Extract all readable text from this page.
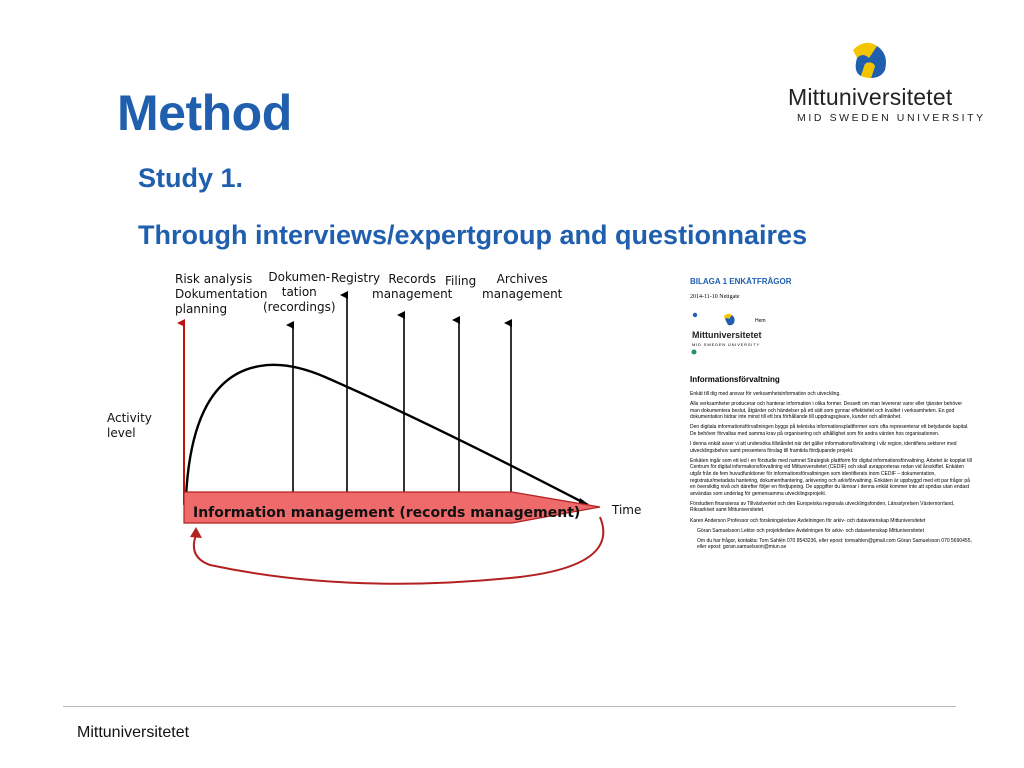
Method
Study 1.
Through interviews/expertgroup and questionnaires
Mittuniversitetet
MID SWEDEN UNIVERSITY
Risk analysis
Dokumentation
planning
Dokumen-
tation
(recordings)
Registry Records
management
Filing	Archives
management
Activity
level
Time
Information management (records management)
BILAGA 1 ENKÄTFRÅGOR
2014-11-10 Netigate
Hem
Mittuniversitetet
MID SWEDEN UNIVERSITY
Informationsförvaltning

Enkät till dig med ansvar för verksamhetsinformation och utveckling.

Alla verksamheter producerar och hanterar information i olika former. Dessett om man levererar varor eller tjänster behöver man dokumentera beslut, åtgärder och händelser på ett sätt som gynnar effektivitet och kvalitet i verksamheten. En god dokumentation bidrar inte minst till ett bra förhållande till uppdragsgivare, kunder och allmänhet.

Den digitala informationsförvaltningen byggs på tekniska informationsplattformer som ofta representerar ett betydande kapital. De behöver förvaltas med samma krav på organisering och uthållighet som för andra värden hos organisationen.

I denna enkät avser vi att undersöka tillståndet när det gäller informationsförvaltning i vår region, identifiera sektorer med utvecklingsbehov samt presentera förslag till framtida fördjupande projekt.

Enkäten ingår som ett led i en förstudie med namnet Strategisk plattform för digital informationsförvaltning. Arbetet är kopplat till Centrum för digital informationsförvaltning vid Mittuniversitetet (CEDIF) och skall avrapporteras redan vid årsskiftet. Enkäten utgår från de fem huvudfunktioner för informationsförvaltningen som identifierats inom CEDIF – dokumentation, registratur/metadata hantering, dokumenthantering, arkivering och arkivförvaltning. Enkäten är uppbyggd med ett par frågor på en översiktlig nivå och därefter följer en fördjupning. De uppgifter du lämnar i denna enkät kommer inte att spridas utan endast användas som underlag för gemensamma utvecklingsprojekt.

Förstudien finansieras av Tillväxtverket och den Europeiska regionala utvecklingsfonden, Länsstyrelsen Västernorrland, Riksarkivet samt Mittuniversitetet.

Karen Anderson Professor och forskningsledare Avdelningen för arkiv- och datavetenskap Mittuniversitetet

Göran Samuelsson Lektor och projektledare Avdelningen för arkiv- och datavetenskap Mittuniversitetet

Om du har frågor, kontakta: Tom Sahlén 070 8543236, eller epost: tomsahlen@gmail.com Göran Samuelsson 070 5690455, eller epost: goran.samuelsson@miun.se

Mittuniversitetet
